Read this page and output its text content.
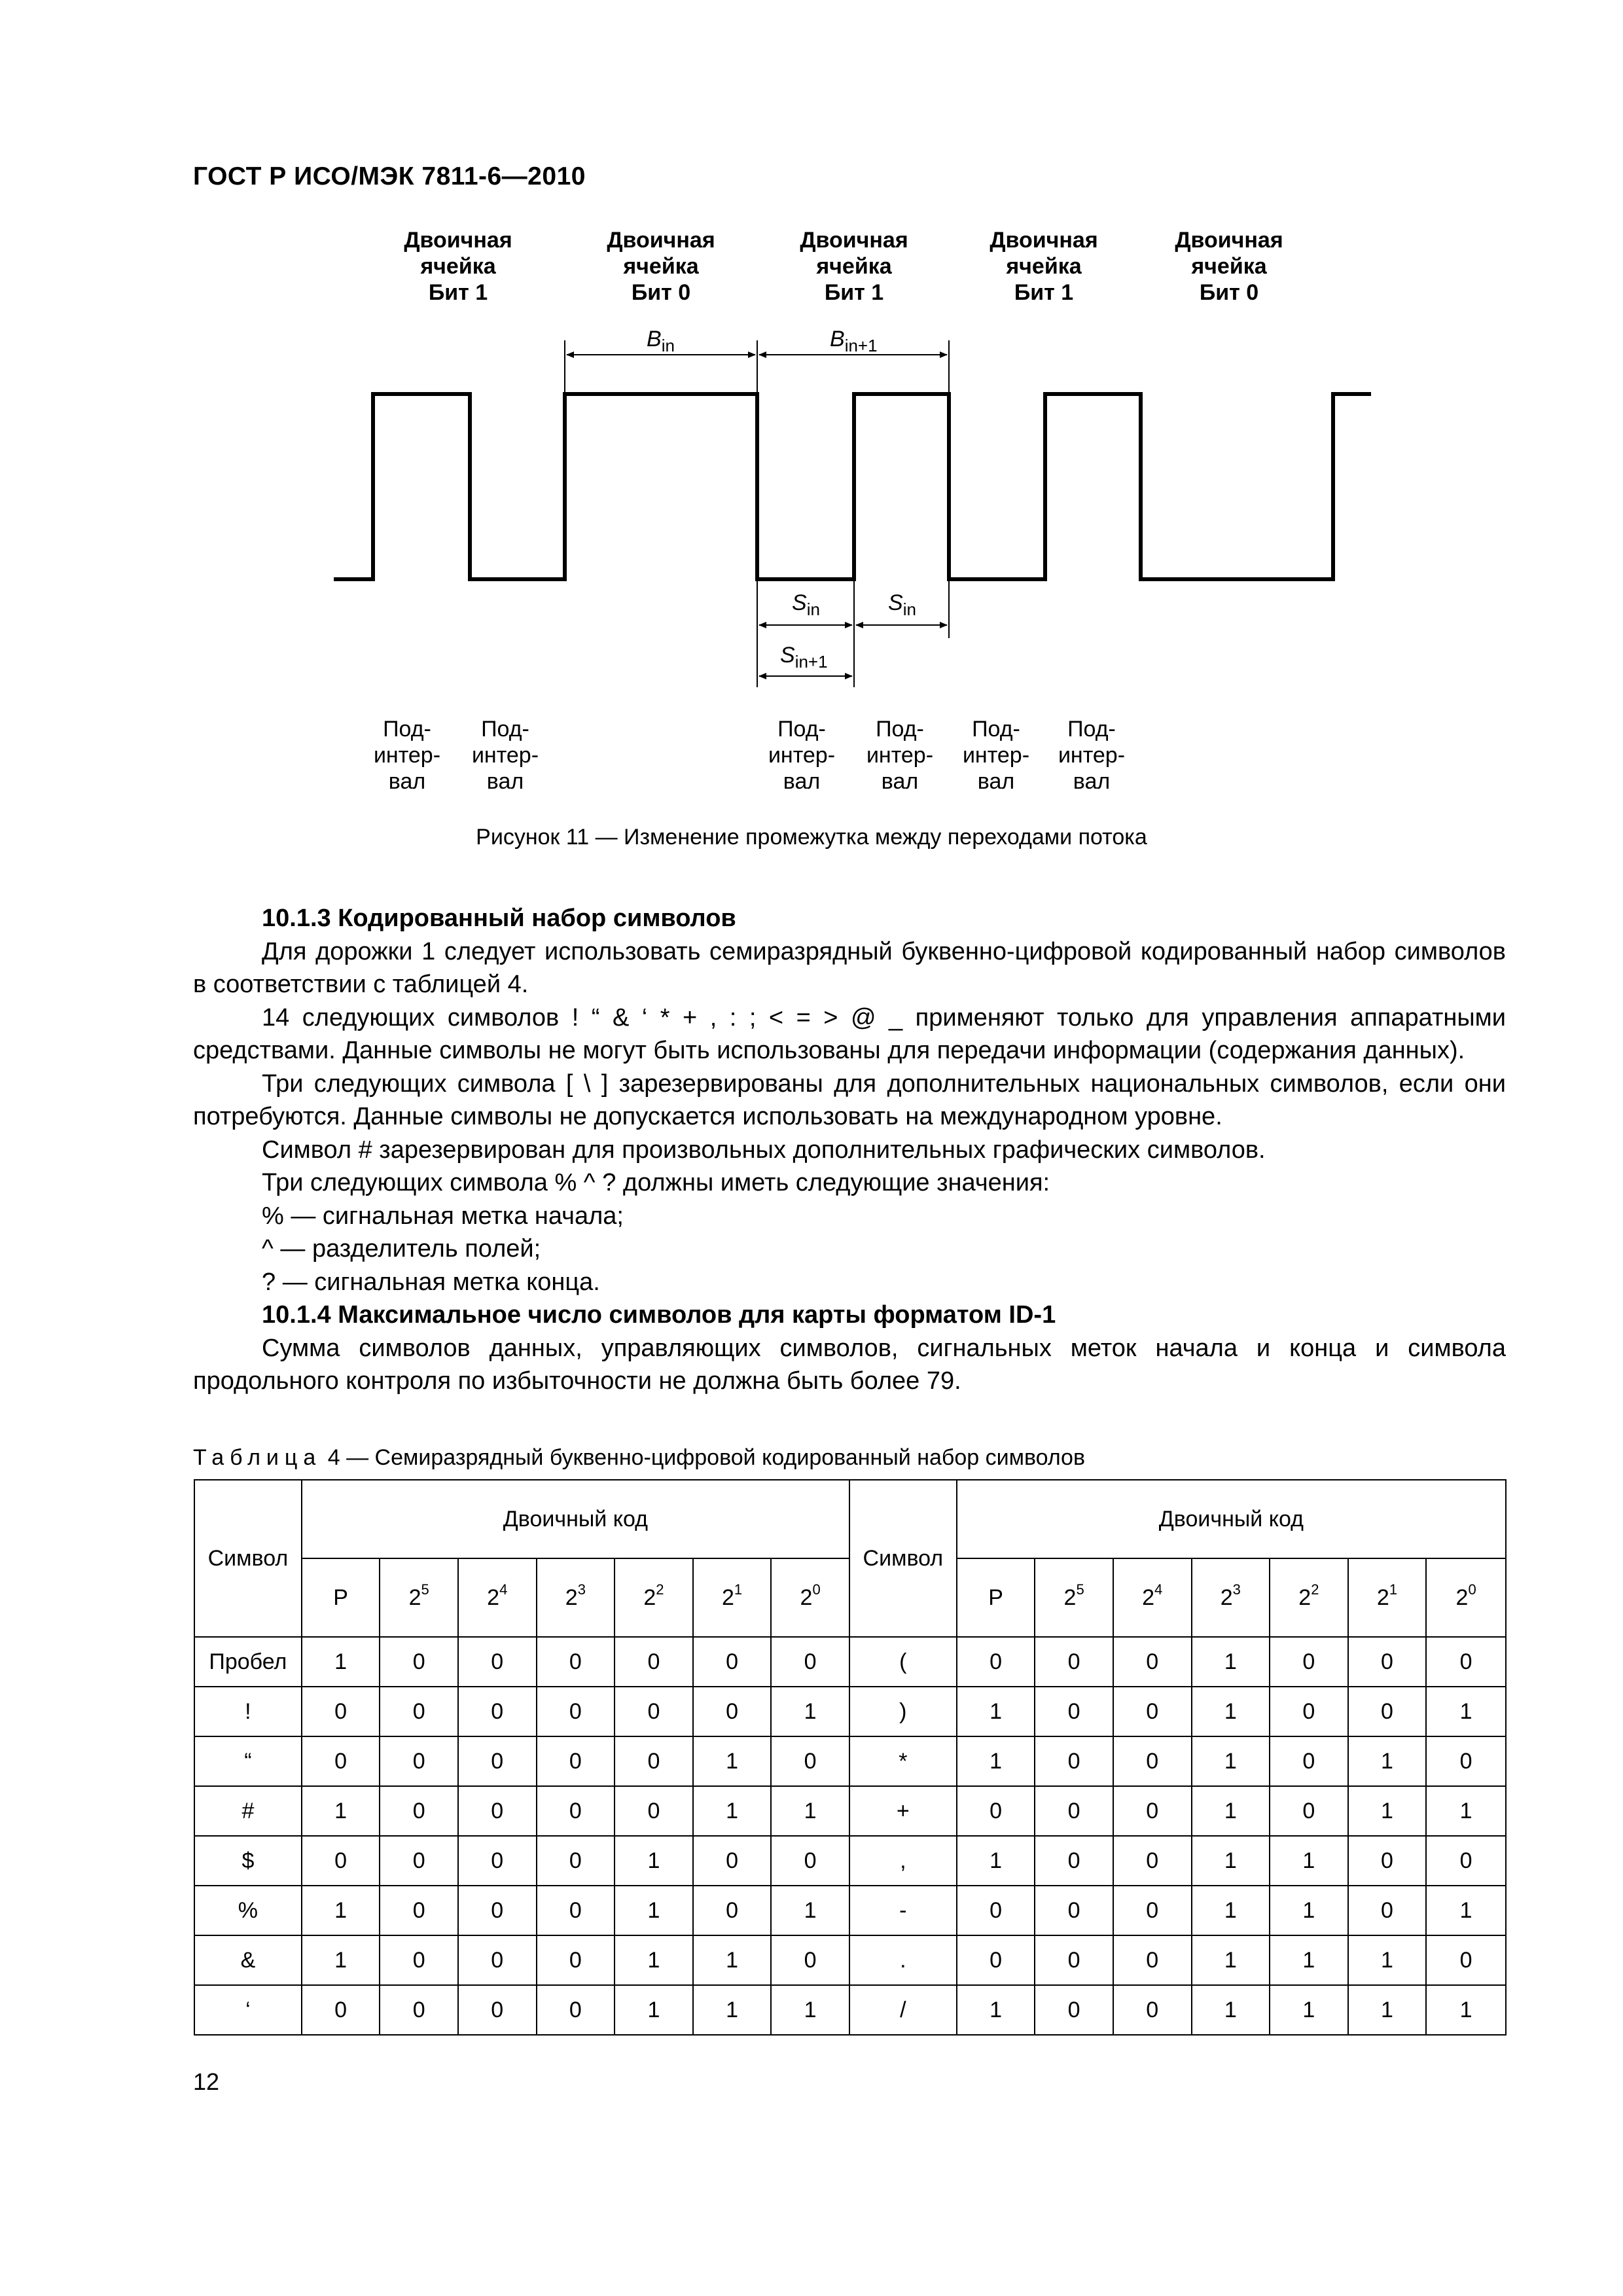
ГОСТ Р ИСО/МЭК 7811-6—2010
Двоичная ячейка Бит 1
Двоичная ячейка Бит 0
Двоичная ячейка Бит 1
Двоичная ячейка Бит 1
Двоичная ячейка Бит 0
$B_{in}$	$B_{in+1}$
$S_{in}$	$S_{in}$
$S_{in+1}$
Под-интер-вал
Под-интер-вал
Под-интер-вал
Под-интер-вал
Под-интер-вал
Под-интер-вал
Рисунок 11 — Изменение промежутка между переходами потока

10.1.3 Кодированный набор символов

Для дорожки 1 следует использовать семиразрядный буквенно-цифровой кодированный набор символов в соответствии с таблицей 4.

14 следующих символов ! “ & ‘ * + , : ; < = > @ _ применяют только для управления аппаратными средствами. Данные символы не могут быть использованы для передачи информации (содержания данных).

Три следующих символа [ \ ] зарезервированы для дополнительных национальных символов, если они потребуются. Данные символы не допускается использовать на международном уровне.

Символ # зарезервирован для произвольных дополнительных графических символов.

Три следующих символа % ^ ? должны иметь следующие значения:

% — сигнальная метка начала;

^ — разделитель полей;

? — сигнальная метка конца.

10.1.4 Максимальное число символов для карты форматом ID-1

Сумма символов данных, управляющих символов, сигнальных меток начала и конца и символа продольного контроля по избыточности не должна быть более 79.

Таблица 4 — Семиразрядный буквенно-цифровой кодированный набор символов
Символ	Двоичный код							Символ	Двоичный код						
	P	$2^5$	$2^4$	$2^3$	$2^2$	$2^1$	$2^0$		P	$2^5$	$2^4$	$2^3$	$2^2$	$2^1$	$2^0$
Пробел	1	0	0	0	0	0	0	(	0	0	0	1	0	0	0
!	0	0	0	0	0	0	1	)	1	0	0	1	0	0	1
“	0	0	0	0	0	1	0	*	1	0	0	1	0	1	0
#	1	0	0	0	0	1	1	+	0	0	0	1	0	1	1
$	0	0	0	0	1	0	0	,	1	0	0	1	1	0	0
%	1	0	0	0	1	0	1	-	0	0	0	1	1	0	1
&	1	0	0	0	1	1	0	.	0	0	0	1	1	1	0
‘	0	0	0	0	1	1	1	/	1	0	0	1	1	1	1
12
